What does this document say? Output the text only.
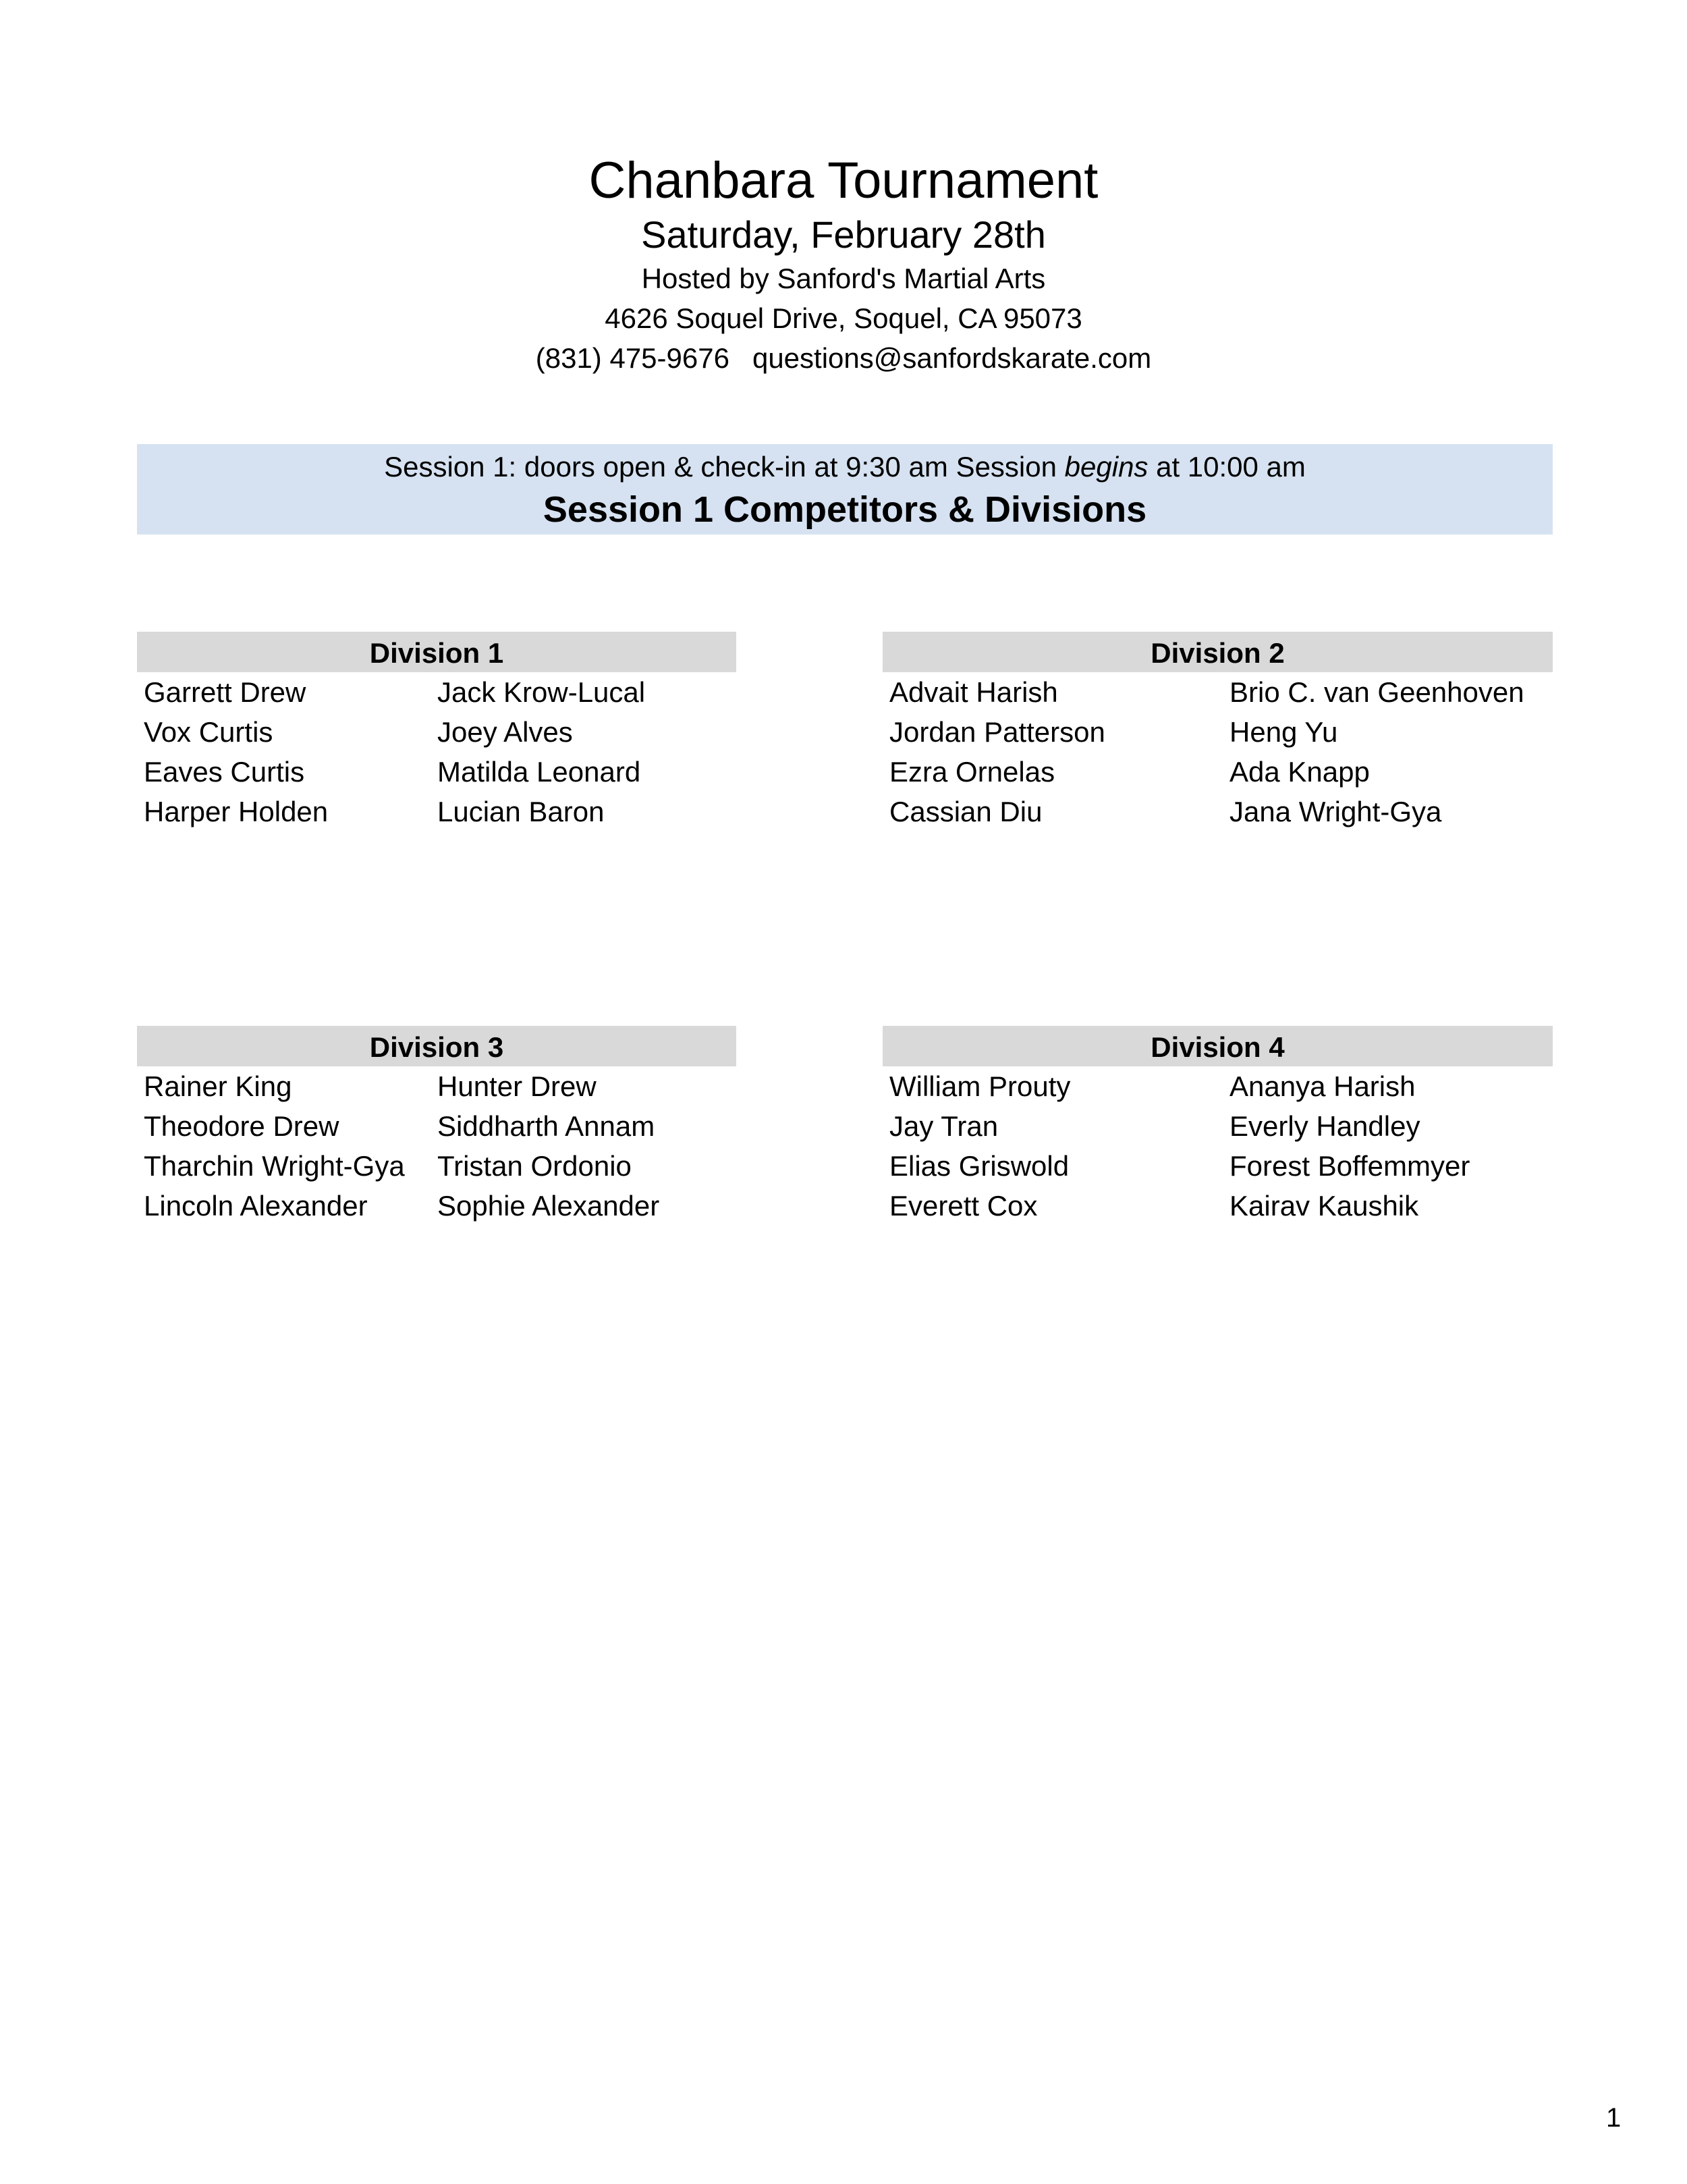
Chanbara Tournament
Saturday, February 28th
Hosted by Sanford's Martial Arts
4626 Soquel Drive, Soquel, CA 95073
(831) 475-9676 questions@sanfordskarate.com
Session 1: doors open & check-in at 9:30 am Session begins at 10:00 am
Session 1 Competitors & Divisions
Division 1
Garrett Drew
Vox Curtis
Eaves Curtis
Harper Holden
Jack Krow-Lucal
Joey Alves
Matilda Leonard
Lucian Baron
Division 2
Advait Harish
Jordan Patterson
Ezra Ornelas
Cassian Diu
Brio C. van Geenhoven
Heng Yu
Ada Knapp
Jana Wright-Gya
Division 3
Rainer King
Theodore Drew
Tharchin Wright-Gya
Lincoln Alexander
Hunter Drew
Siddharth Annam
Tristan Ordonio
Sophie Alexander
Division 4
William Prouty
Jay Tran
Elias Griswold
Everett Cox
Ananya Harish
Everly Handley
Forest Boffemmyer
Kairav Kaushik
1
